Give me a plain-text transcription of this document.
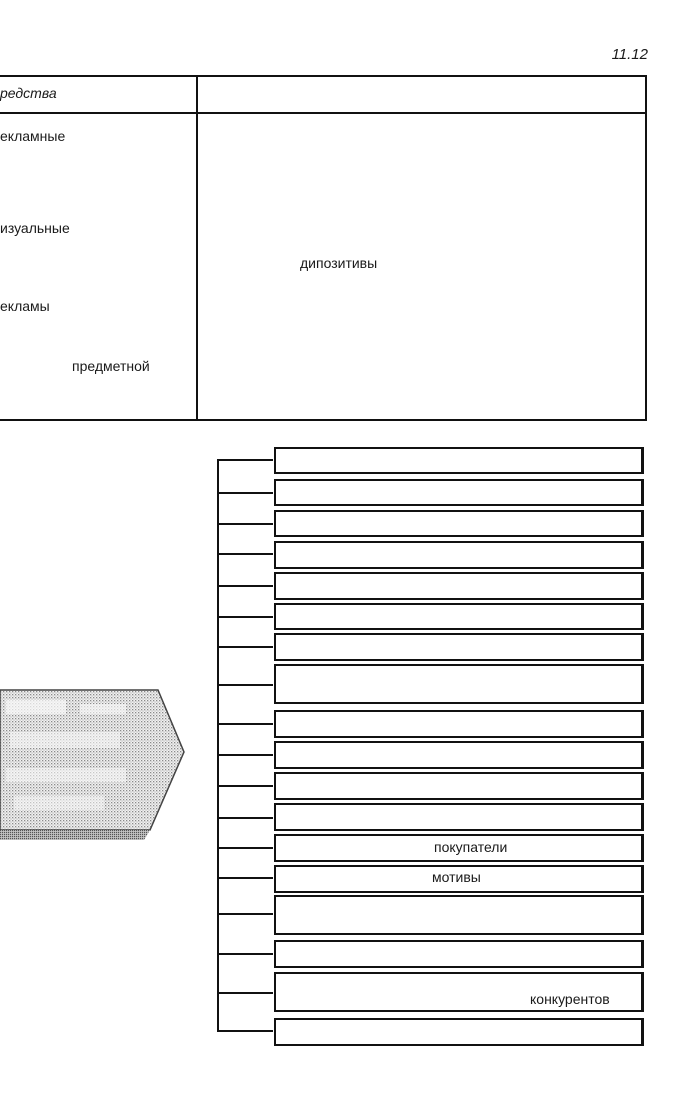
11.12
редства
екламные
изуальные
дипозитивы
екламы
предметной
покупатели
мотивы
конкурентов
